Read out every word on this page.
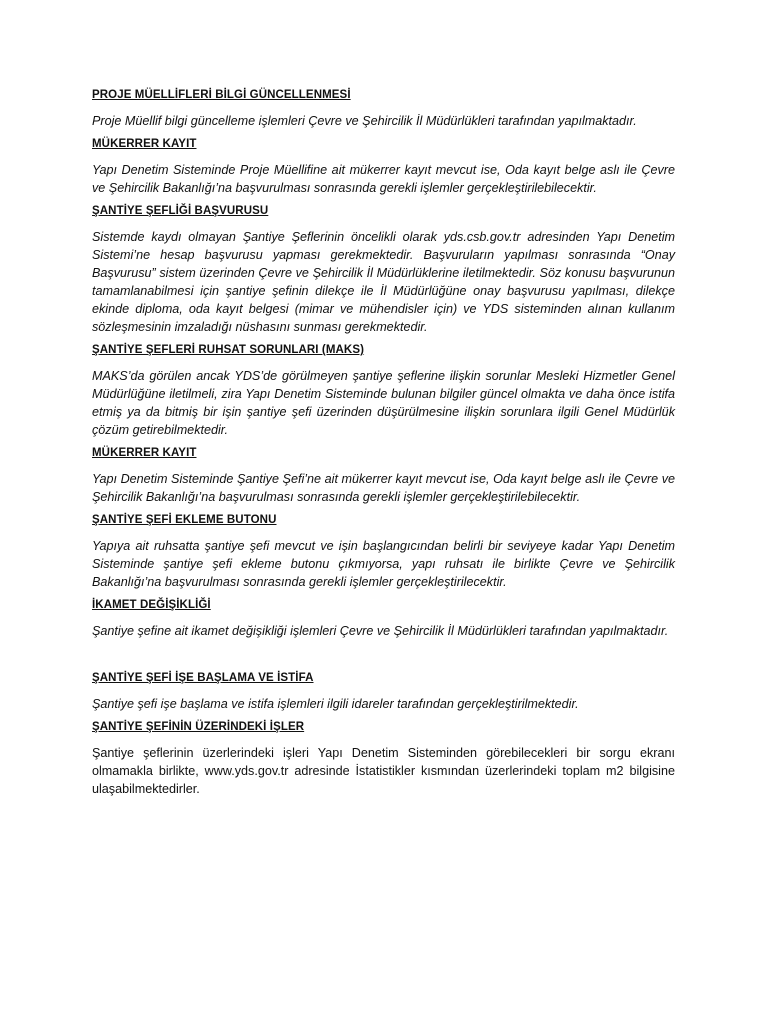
PROJE MÜELLİFLERİ BİLGİ GÜNCELLENMESİ
Proje Müellif bilgi güncelleme işlemleri Çevre ve Şehircilik İl Müdürlükleri tarafından yapılmaktadır.
MÜKERRER KAYIT
Yapı Denetim Sisteminde Proje Müellifine ait mükerrer kayıt mevcut ise, Oda kayıt belge aslı ile Çevre ve Şehircilik Bakanlığı’na başvurulması sonrasında gerekli işlemler gerçekleştirilebilecektir.
ŞANTİYE ŞEFLİĞİ BAŞVURUSU
Sistemde kaydı olmayan Şantiye Şeflerinin öncelikli olarak yds.csb.gov.tr adresinden Yapı Denetim Sistemi’ne hesap başvurusu yapması gerekmektedir. Başvuruların yapılması sonrasında “Onay Başvurusu” sistem üzerinden Çevre ve Şehircilik İl Müdürlüklerine iletilmektedir. Söz konusu başvurunun tamamlanabilmesi için şantiye şefinin dilekçe ile İl Müdürlüğüne onay başvurusu yapılması, dilekçe ekinde diploma, oda kayıt belgesi (mimar ve mühendisler için) ve YDS sisteminden alınan kullanım sözleşmesinin imzaladığı nüshasını sunması gerekmektedir.
ŞANTİYE ŞEFLERİ RUHSAT SORUNLARI (MAKS)
MAKS’da görülen ancak YDS’de görülmeyen şantiye şeflerine ilişkin sorunlar Mesleki Hizmetler Genel Müdürlüğüne iletilmeli, zira Yapı Denetim Sisteminde bulunan bilgiler güncel olmakta ve daha önce istifa etmiş ya da bitmiş bir işin şantiye şefi üzerinden düşürülmesine ilişkin sorunlara ilgili Genel Müdürlük çözüm getirebilmektedir.
MÜKERRER KAYIT
Yapı Denetim Sisteminde Şantiye Şefi’ne ait mükerrer kayıt mevcut ise, Oda kayıt belge aslı ile Çevre ve Şehircilik Bakanlığı’na başvurulması sonrasında gerekli işlemler gerçekleştirilebilecektir.
ŞANTİYE ŞEFİ EKLEME BUTONU
Yapıya ait ruhsatta şantiye şefi mevcut ve işin başlangıcından belirli bir seviyeye kadar Yapı Denetim Sisteminde şantiye şefi ekleme butonu çıkmıyorsa, yapı ruhsatı ile birlikte Çevre ve Şehircilik Bakanlığı’na başvurulması sonrasında gerekli işlemler gerçekleştirilecektir.
İKAMET DEĞİŞİKLİĞİ
Şantiye şefine ait ikamet değişikliği işlemleri Çevre ve Şehircilik İl Müdürlükleri tarafından yapılmaktadır.
ŞANTİYE ŞEFİ İŞE BAŞLAMA VE İSTİFA
Şantiye şefi işe başlama ve istifa işlemleri ilgili idareler tarafından gerçekleştirilmektedir.
ŞANTİYE ŞEFİNİN ÜZERİNDEKİ İŞLER
Şantiye şeflerinin üzerlerindeki işleri Yapı Denetim Sisteminden görebilecekleri bir sorgu ekranı olmamakla birlikte, www.yds.gov.tr adresinde İstatistikler kısmından üzerlerindeki toplam m2 bilgisine ulaşabilmektedirler.
